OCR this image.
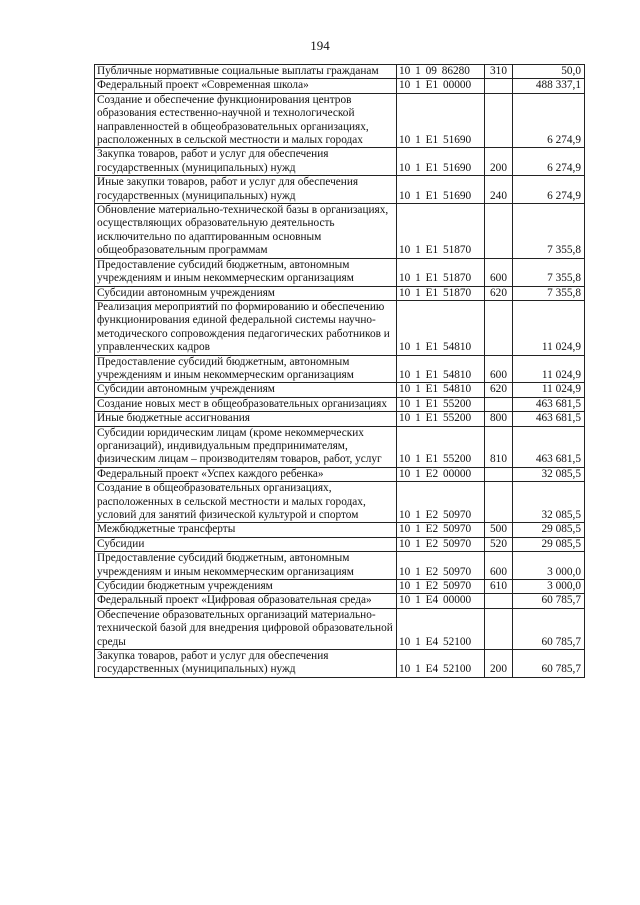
194
Публичные нормативные социальные выплаты гражданам	10 1 09 86280	310	50,0
Федеральный проект «Современная школа»	10 1 E1 00000		488 337,1
Создание и обеспечение функционирования центров образования естественно-научной и технологической направленностей в общеобразовательных организациях, расположенных в сельской местности и малых городах	10 1 E1 51690		6 274,9
Закупка товаров, работ и услуг для обеспечения государственных (муниципальных) нужд	10 1 E1 51690	200	6 274,9
Иные закупки товаров, работ и услуг для обеспечения государственных (муниципальных) нужд	10 1 E1 51690	240	6 274,9
Обновление материально-технической базы в организациях, осуществляющих образовательную деятельность исключительно по адаптированным основным общеобразовательным программам	10 1 E1 51870		7 355,8
Предоставление субсидий бюджетным, автономным учреждениям и иным некоммерческим организациям	10 1 E1 51870	600	7 355,8
Субсидии автономным учреждениям	10 1 E1 51870	620	7 355,8
Реализация мероприятий по формированию и обеспечению функционирования единой федеральной системы научно-методического сопровождения педагогических работников и управленческих кадров	10 1 E1 54810		11 024,9
Предоставление субсидий бюджетным, автономным учреждениям и иным некоммерческим организациям	10 1 E1 54810	600	11 024,9
Субсидии автономным учреждениям	10 1 E1 54810	620	11 024,9
Создание новых мест в общеобразовательных организациях	10 1 E1 55200		463 681,5
Иные бюджетные ассигнования	10 1 E1 55200	800	463 681,5
Субсидии юридическим лицам (кроме некоммерческих организаций), индивидуальным предпринимателям, физическим лицам – производителям товаров, работ, услуг	10 1 E1 55200	810	463 681,5
Федеральный проект «Успех каждого ребенка»	10 1 E2 00000		32 085,5
Создание в общеобразовательных организациях, расположенных в сельской местности и малых городах, условий для занятий физической культурой и спортом	10 1 E2 50970		32 085,5
Межбюджетные трансферты	10 1 E2 50970	500	29 085,5
Субсидии	10 1 E2 50970	520	29 085,5
Предоставление субсидий бюджетным, автономным учреждениям и иным некоммерческим организациям	10 1 E2 50970	600	3 000,0
Субсидии бюджетным учреждениям	10 1 E2 50970	610	3 000,0
Федеральный проект «Цифровая образовательная среда»	10 1 E4 00000		60 785,7
Обеспечение образовательных организаций материально-технической базой для внедрения цифровой образовательной среды	10 1 E4 52100		60 785,7
Закупка товаров, работ и услуг для обеспечения государственных (муниципальных) нужд	10 1 E4 52100	200	60 785,7
